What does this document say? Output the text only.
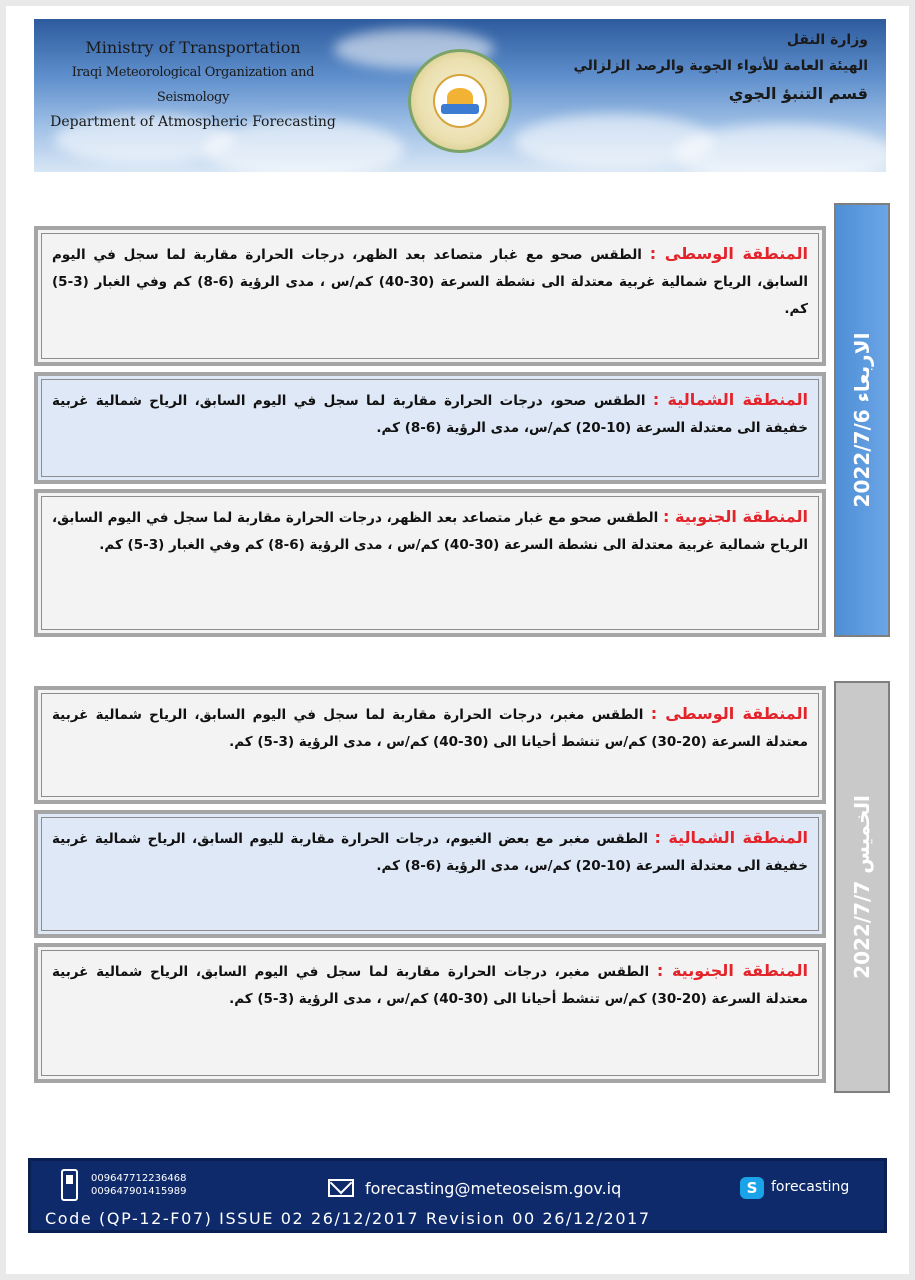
Ministry of Transportation
Iraqi Meteorological Organization and Seismology
Department of Atmospheric Forecasting
وزارة النقل
الهيئة العامة للأنواء الجوية والرصد الزلزالي
قسم التنبؤ الجوي
الاربعاء 2022/7/6

المنطقة الوسطى : الطقس صحو مع غبار متصاعد بعد الظهر، درجات الحرارة مقاربة لما سجل في اليوم السابق، الرياح شمالية غربية معتدلة الى نشطة السرعة (30-40) كم/س ، مدى الرؤية (6-8) كم وفي الغبار (3-5) كم.

المنطقة الشمالية : الطقس صحو، درجات الحرارة مقاربة لما سجل في اليوم السابق، الرياح شمالية غربية خفيفة الى معتدلة السرعة (10-20) كم/س، مدى الرؤية (6-8) كم.

المنطقة الجنوبية : الطقس صحو مع غبار متصاعد بعد الظهر، درجات الحرارة مقاربة لما سجل في اليوم السابق، الرياح شمالية غربية معتدلة الى نشطة السرعة (30-40) كم/س ، مدى الرؤية (6-8) كم وفي الغبار (3-5) كم.

الخميس 2022/7/7

المنطقة الوسطى : الطقس مغبر، درجات الحرارة مقاربة لما سجل في اليوم السابق، الرياح شمالية غربية معتدلة السرعة (20-30) كم/س تنشط أحيانا الى (30-40) كم/س ، مدى الرؤية (3-5) كم.

المنطقة الشمالية : الطقس مغبر مع بعض الغيوم، درجات الحرارة مقاربة لليوم السابق، الرياح شمالية غربية خفيفة الى معتدلة السرعة (10-20) كم/س، مدى الرؤية (6-8) كم.

المنطقة الجنوبية : الطقس مغبر، درجات الحرارة مقاربة لما سجل في اليوم السابق، الرياح شمالية غربية معتدلة السرعة (20-30) كم/س تنشط أحيانا الى (30-40) كم/س ، مدى الرؤية (3-5) كم.

009647712236468
009647901415989	forecasting@meteoseism.gov.iq	S forecasting
Code (QP-12-F07) ISSUE 02 26/12/2017 Revision 00 26/12/2017
